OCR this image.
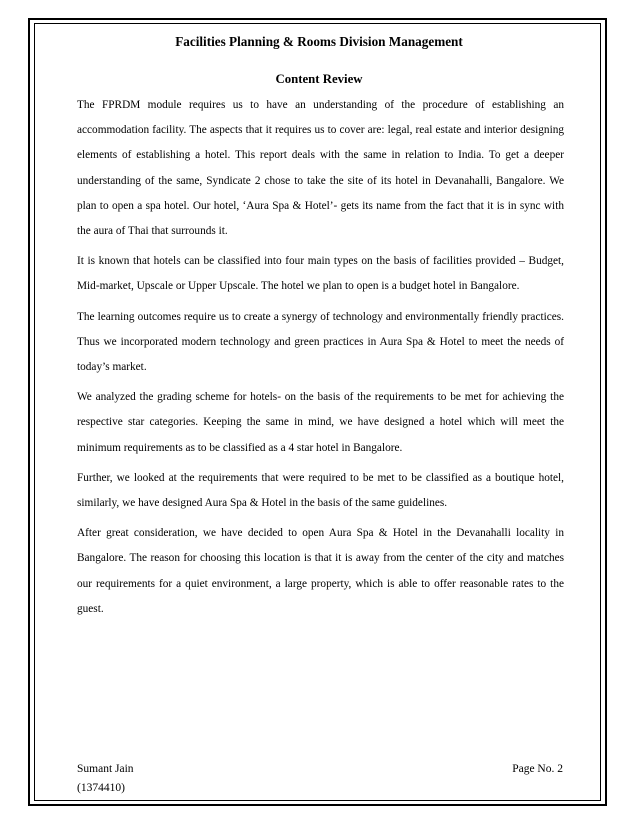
Facilities Planning & Rooms Division Management
Content Review

The FPRDM module requires us to have an understanding of the procedure of establishing an accommodation facility. The aspects that it requires us to cover are: legal, real estate and interior designing elements of establishing a hotel. This report deals with the same in relation to India. To get a deeper understanding of the same, Syndicate 2 chose to take the site of its hotel in Devanahalli, Bangalore. We plan to open a spa hotel. Our hotel, ‘Aura Spa & Hotel’- gets its name from the fact that it is in sync with the aura of Thai that surrounds it.

It is known that hotels can be classified into four main types on the basis of facilities provided – Budget, Mid-market, Upscale or Upper Upscale. The hotel we plan to open is a budget hotel in Bangalore.

The learning outcomes require us to create a synergy of technology and environmentally friendly practices. Thus we incorporated modern technology and green practices in Aura Spa & Hotel to meet the needs of today’s market.

We analyzed the grading scheme for hotels- on the basis of the requirements to be met for achieving the respective star categories. Keeping the same in mind, we have designed a hotel which will meet the minimum requirements as to be classified as a 4 star hotel in Bangalore.

Further, we looked at the requirements that were required to be met to be classified as a boutique hotel, similarly, we have designed Aura Spa & Hotel in the basis of the same guidelines.

After great consideration, we have decided to open Aura Spa & Hotel in the Devanahalli locality in Bangalore. The reason for choosing this location is that it is away from the center of the city and matches our requirements for a quiet environment, a large property, which is able to offer reasonable rates to the guest.

Sumant Jain
(1374410)
Page No. 2
